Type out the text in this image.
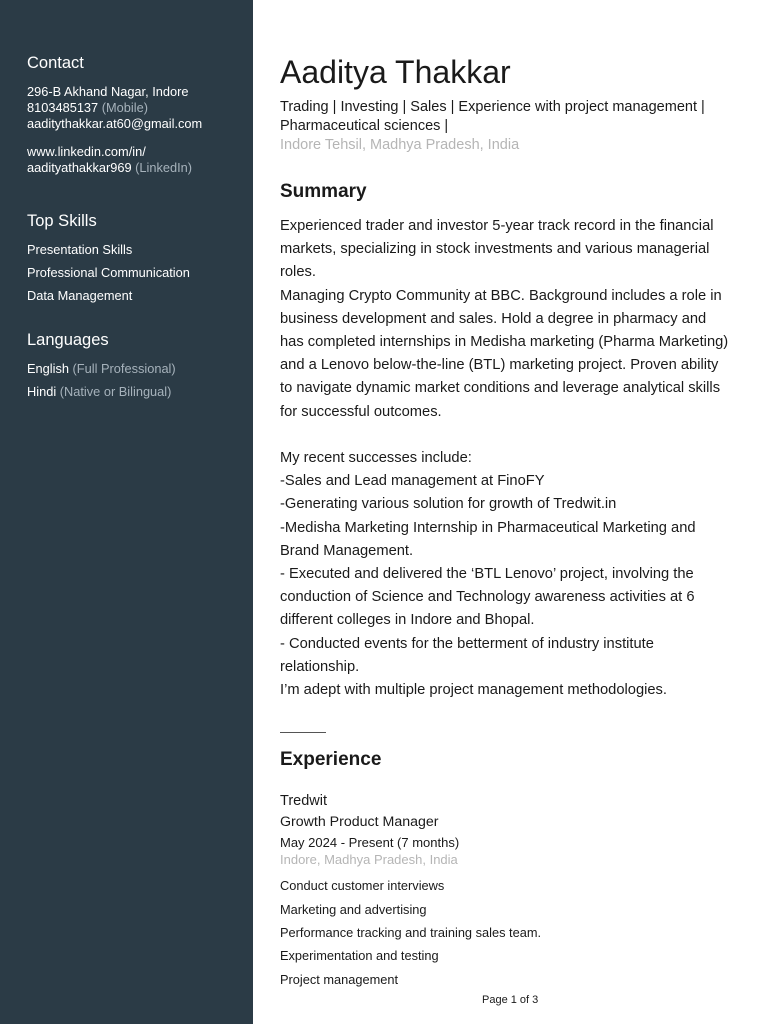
Contact
296-B Akhand Nagar, Indore
8103485137 (Mobile)
aaditythakkar.at60@gmail.com
www.linkedin.com/in/
aadityathakkar969 (LinkedIn)
Top Skills
Presentation Skills
Professional Communication
Data Management
Languages
English (Full Professional)
Hindi (Native or Bilingual)
Aaditya Thakkar
Trading | Investing | Sales | Experience with project management | Pharmaceutical sciences |
Indore Tehsil, Madhya Pradesh, India
Summary
Experienced trader and investor 5-year track record in the financial
markets, specializing in stock investments and various managerial
roles.
Managing Crypto Community at BBC. Background includes a role in
business development and sales. Hold a degree in pharmacy and
has completed internships in Medisha marketing (Pharma Marketing)
and a Lenovo below-the-line (BTL) marketing project. Proven ability
to navigate dynamic market conditions and leverage analytical skills
for successful outcomes.
My recent successes include:
-Sales and Lead management at FinoFY
-Generating various solution for growth of Tredwit.in
-Medisha Marketing Internship in Pharmaceutical Marketing and
Brand Management.
- Executed and delivered the ‘BTL Lenovo’ project, involving the
conduction of Science and Technology awareness activities at 6
different colleges in Indore and Bhopal.
- Conducted events for the betterment of industry institute
relationship.
I’m adept with multiple project management methodologies.
Experience
Tredwit
Growth Product Manager
May 2024 - Present (7 months)
Indore, Madhya Pradesh, India
Conduct customer interviews
Marketing and advertising
Performance tracking and training sales team.
Experimentation and testing
Project management
Page 1 of 3
